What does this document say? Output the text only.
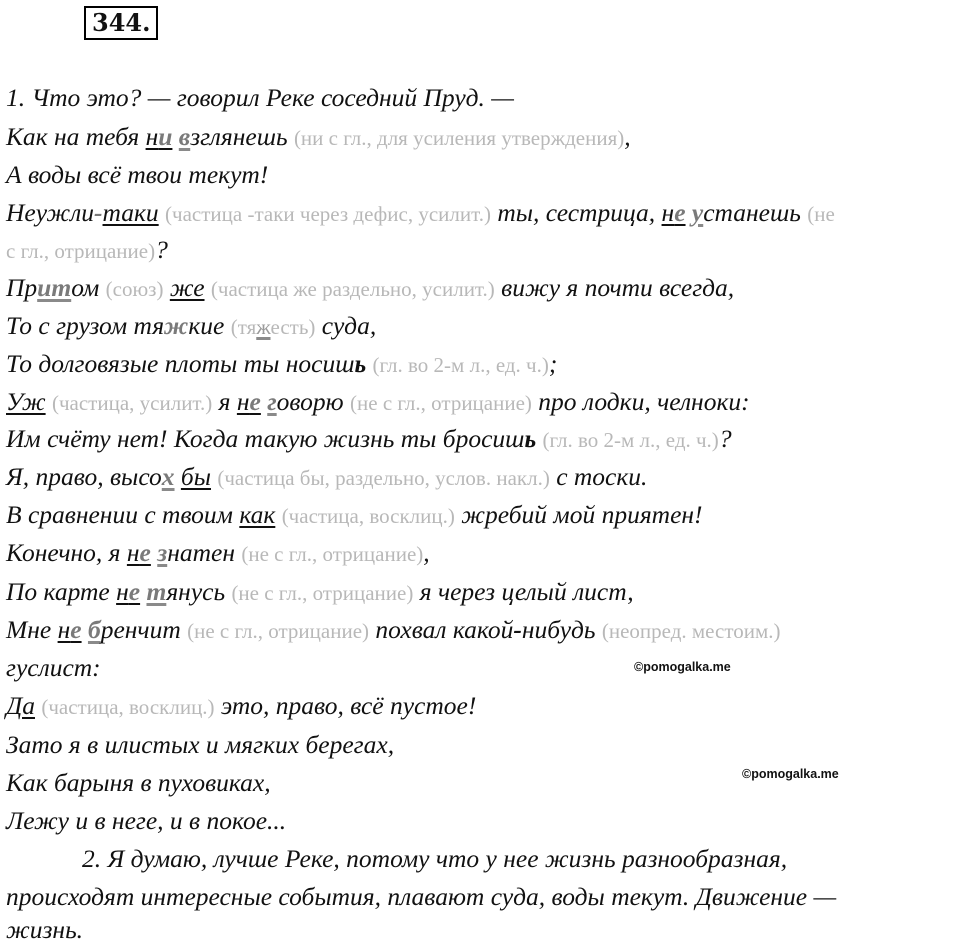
344.
1. Что это? — говорил Реке соседний Пруд. —
Как на тебя ни взглянешь (ни с гл., для усиления утверждения),
А воды всё твои текут!
Неужли-таки (частица -таки через дефис, усилит.) ты, сестрица, не устанешь (не
с гл., отрицание)?
Притом (союз) же (частица же раздельно, усилит.) вижу я почти всегда,
То с грузом тяжкие (тяжесть) суда,
То долговязые плоты ты носишь (гл. во 2-м л., ед. ч.);
Уж (частица, усилит.) я не говорю (не с гл., отрицание) про лодки, челноки:
Им счёту нет! Когда такую жизнь ты бросишь (гл. во 2-м л., ед. ч.)?
Я, право, высох бы (частица бы, раздельно, услов. накл.) с тоски.
В сравнении с твоим как (частица, восклиц.) жребий мой приятен!
Конечно, я не знатен (не с гл., отрицание),
По карте не тянусь (не с гл., отрицание) я через целый лист,
Мне не бренчит (не с гл., отрицание) похвал какой-нибудь (неопред. местоим.)
гуслист:	©pomogalka.me
Да (частица, восклиц.) это, право, всё пустое!
Зато я в илистых и мягких берегах,
Как барыня в пуховиках,	©pomogalka.me
Лежу и в неге, и в покое...
2. Я думаю, лучше Реке, потому что у нее жизнь разнообразная,
происходят интересные события, плавают суда, воды текут. Движение —
жизнь.
